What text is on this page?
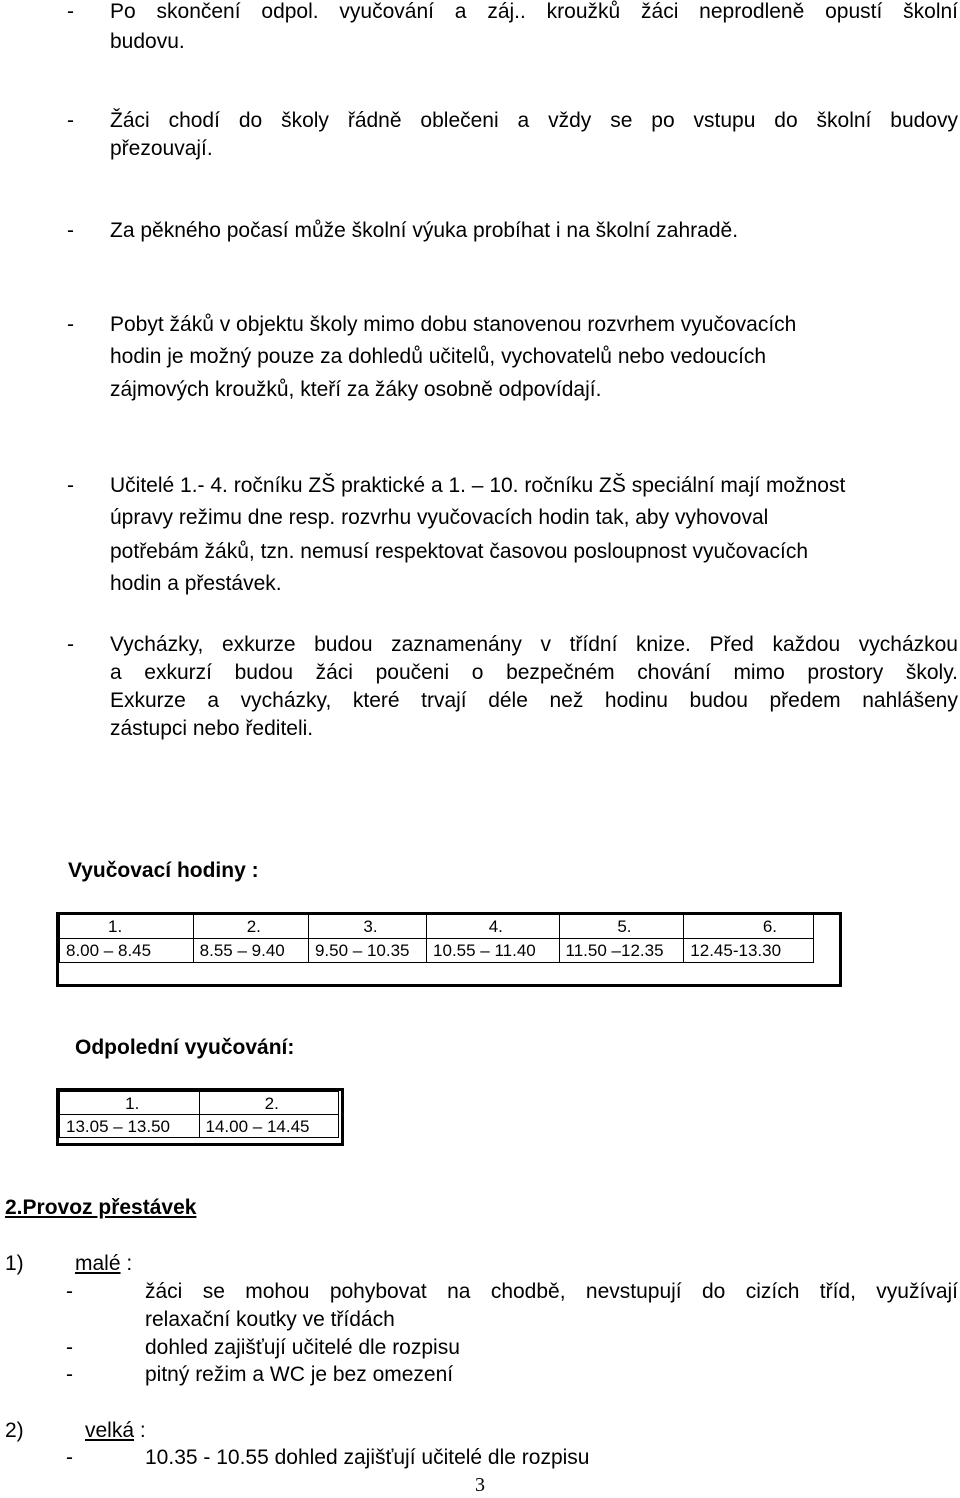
- Po skončení odpol. vyučování a záj.. kroužků žáci neprodleně opustí školní
budovu.
- Žáci chodí do školy řádně oblečeni a vždy se po vstupu do školní budovy
přezouvají.
- Za pěkného počasí může školní výuka probíhat i na školní zahradě.
- Pobyt žáků v objektu školy mimo dobu stanovenou rozvrhem vyučovacích
hodin je možný pouze za dohledů učitelů, vychovatelů nebo vedoucích
zájmových kroužků, kteří za žáky osobně odpovídají.
- Učitelé 1.- 4. ročníku ZŠ praktické a 1. – 10. ročníku ZŠ speciální mají možnost
úpravy režimu dne resp. rozvrhu vyučovacích hodin tak, aby vyhovoval
potřebám žáků, tzn. nemusí respektovat časovou posloupnost vyučovacích
hodin a přestávek.
- Vycházky, exkurze budou zaznamenány v třídní knize. Před každou vycházkou
a exkurzí budou žáci poučeni o bezpečném chování mimo prostory školy.
Exkurze a vycházky, které trvají déle než hodinu budou předem nahlášeny
zástupci nebo řediteli.
Vyučovací hodiny :
1.	2.	3.	4.	5.	6.
8.00 – 8.45	8.55 – 9.40	9.50 – 10.35	10.55 – 11.40	11.50 –12.35	12.45-13.30
Odpolední vyučování:
1.	2.
13.05 – 13.50	14.00 – 14.45
2.Provoz přestávek
1) malé :
-	žáci se mohou pohybovat na chodbě, nevstupují do cizích tříd, využívají
relaxační koutky ve třídách
-	dohled zajišťují učitelé dle rozpisu
-	pitný režim a WC je bez omezení
2)	velká :
-	10.35 - 10.55 dohled zajišťují učitelé dle rozpisu
3
